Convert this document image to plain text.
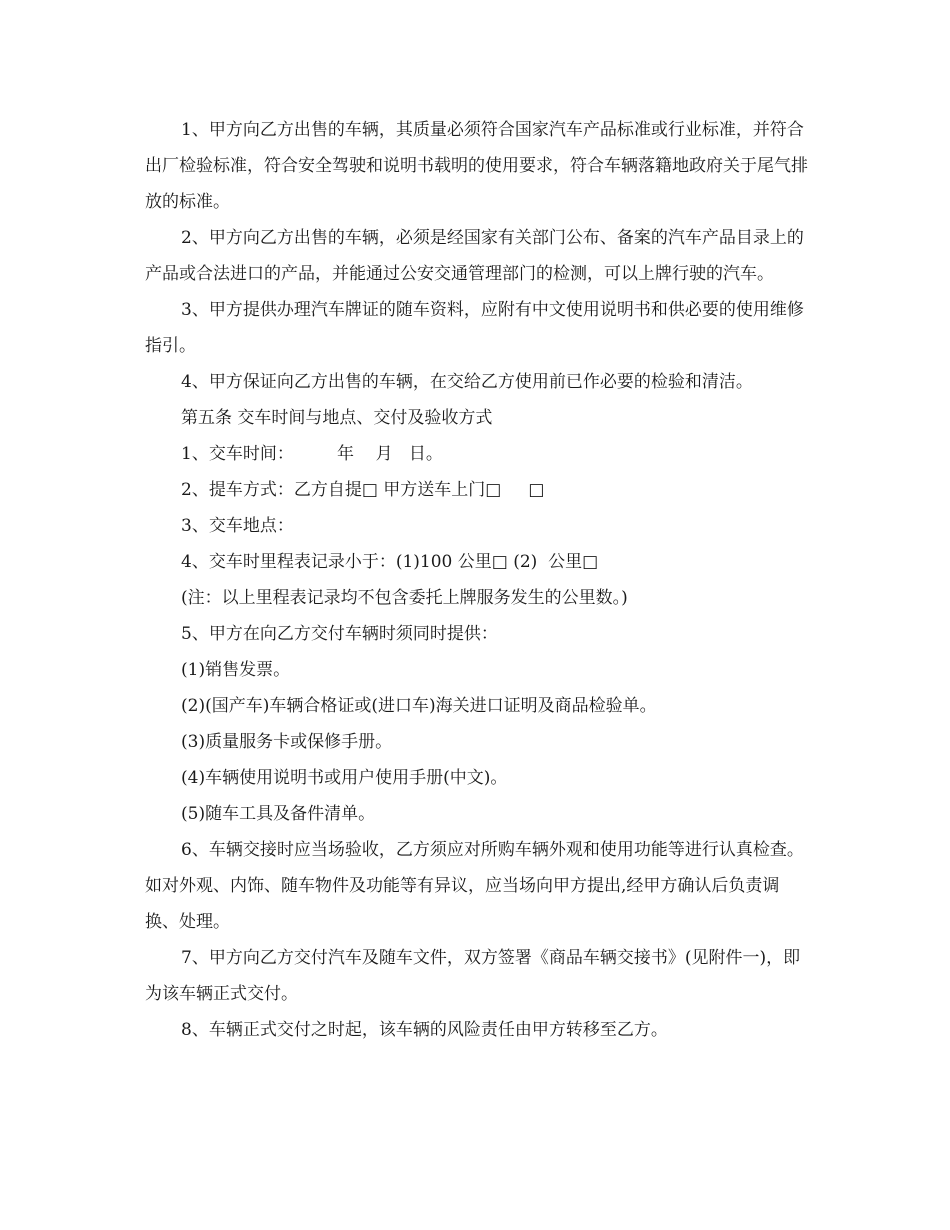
1、甲方向乙方出售的车辆，其质量必须符合国家汽车产品标准或行业标准，并符合出厂检验标准，符合安全驾驶和说明书载明的使用要求，符合车辆落籍地政府关于尾气排放的标准。

2、甲方向乙方出售的车辆，必须是经国家有关部门公布、备案的汽车产品目录上的产品或合法进口的产品，并能通过公安交通管理部门的检测，可以上牌行驶的汽车。

3、甲方提供办理汽车牌证的随车资料，应附有中文使用说明书和供必要的使用维修指引。

4、甲方保证向乙方出售的车辆，在交给乙方使用前已作必要的检验和清洁。

第五条 交车时间与地点、交付及验收方式

1、交车时间：        年    月   日。

2、提车方式：乙方自提□ 甲方送车上门□     □

3、交车地点：

4、交车时里程表记录小于：(1)100 公里□ (2)  公里□

(注：以上里程表记录均不包含委托上牌服务发生的公里数。)

5、甲方在向乙方交付车辆时须同时提供：

(1)销售发票。

(2)(国产车)车辆合格证或(进口车)海关进口证明及商品检验单。

(3)质量服务卡或保修手册。

(4)车辆使用说明书或用户使用手册(中文)。

(5)随车工具及备件清单。

6、车辆交接时应当场验收，乙方须应对所购车辆外观和使用功能等进行认真检查。如对外观、内饰、随车物件及功能等有异议，应当场向甲方提出,经甲方确认后负责调换、处理。

7、甲方向乙方交付汽车及随车文件，双方签署《商品车辆交接书》(见附件一)，即为该车辆正式交付。

8、车辆正式交付之时起，该车辆的风险责任由甲方转移至乙方。
